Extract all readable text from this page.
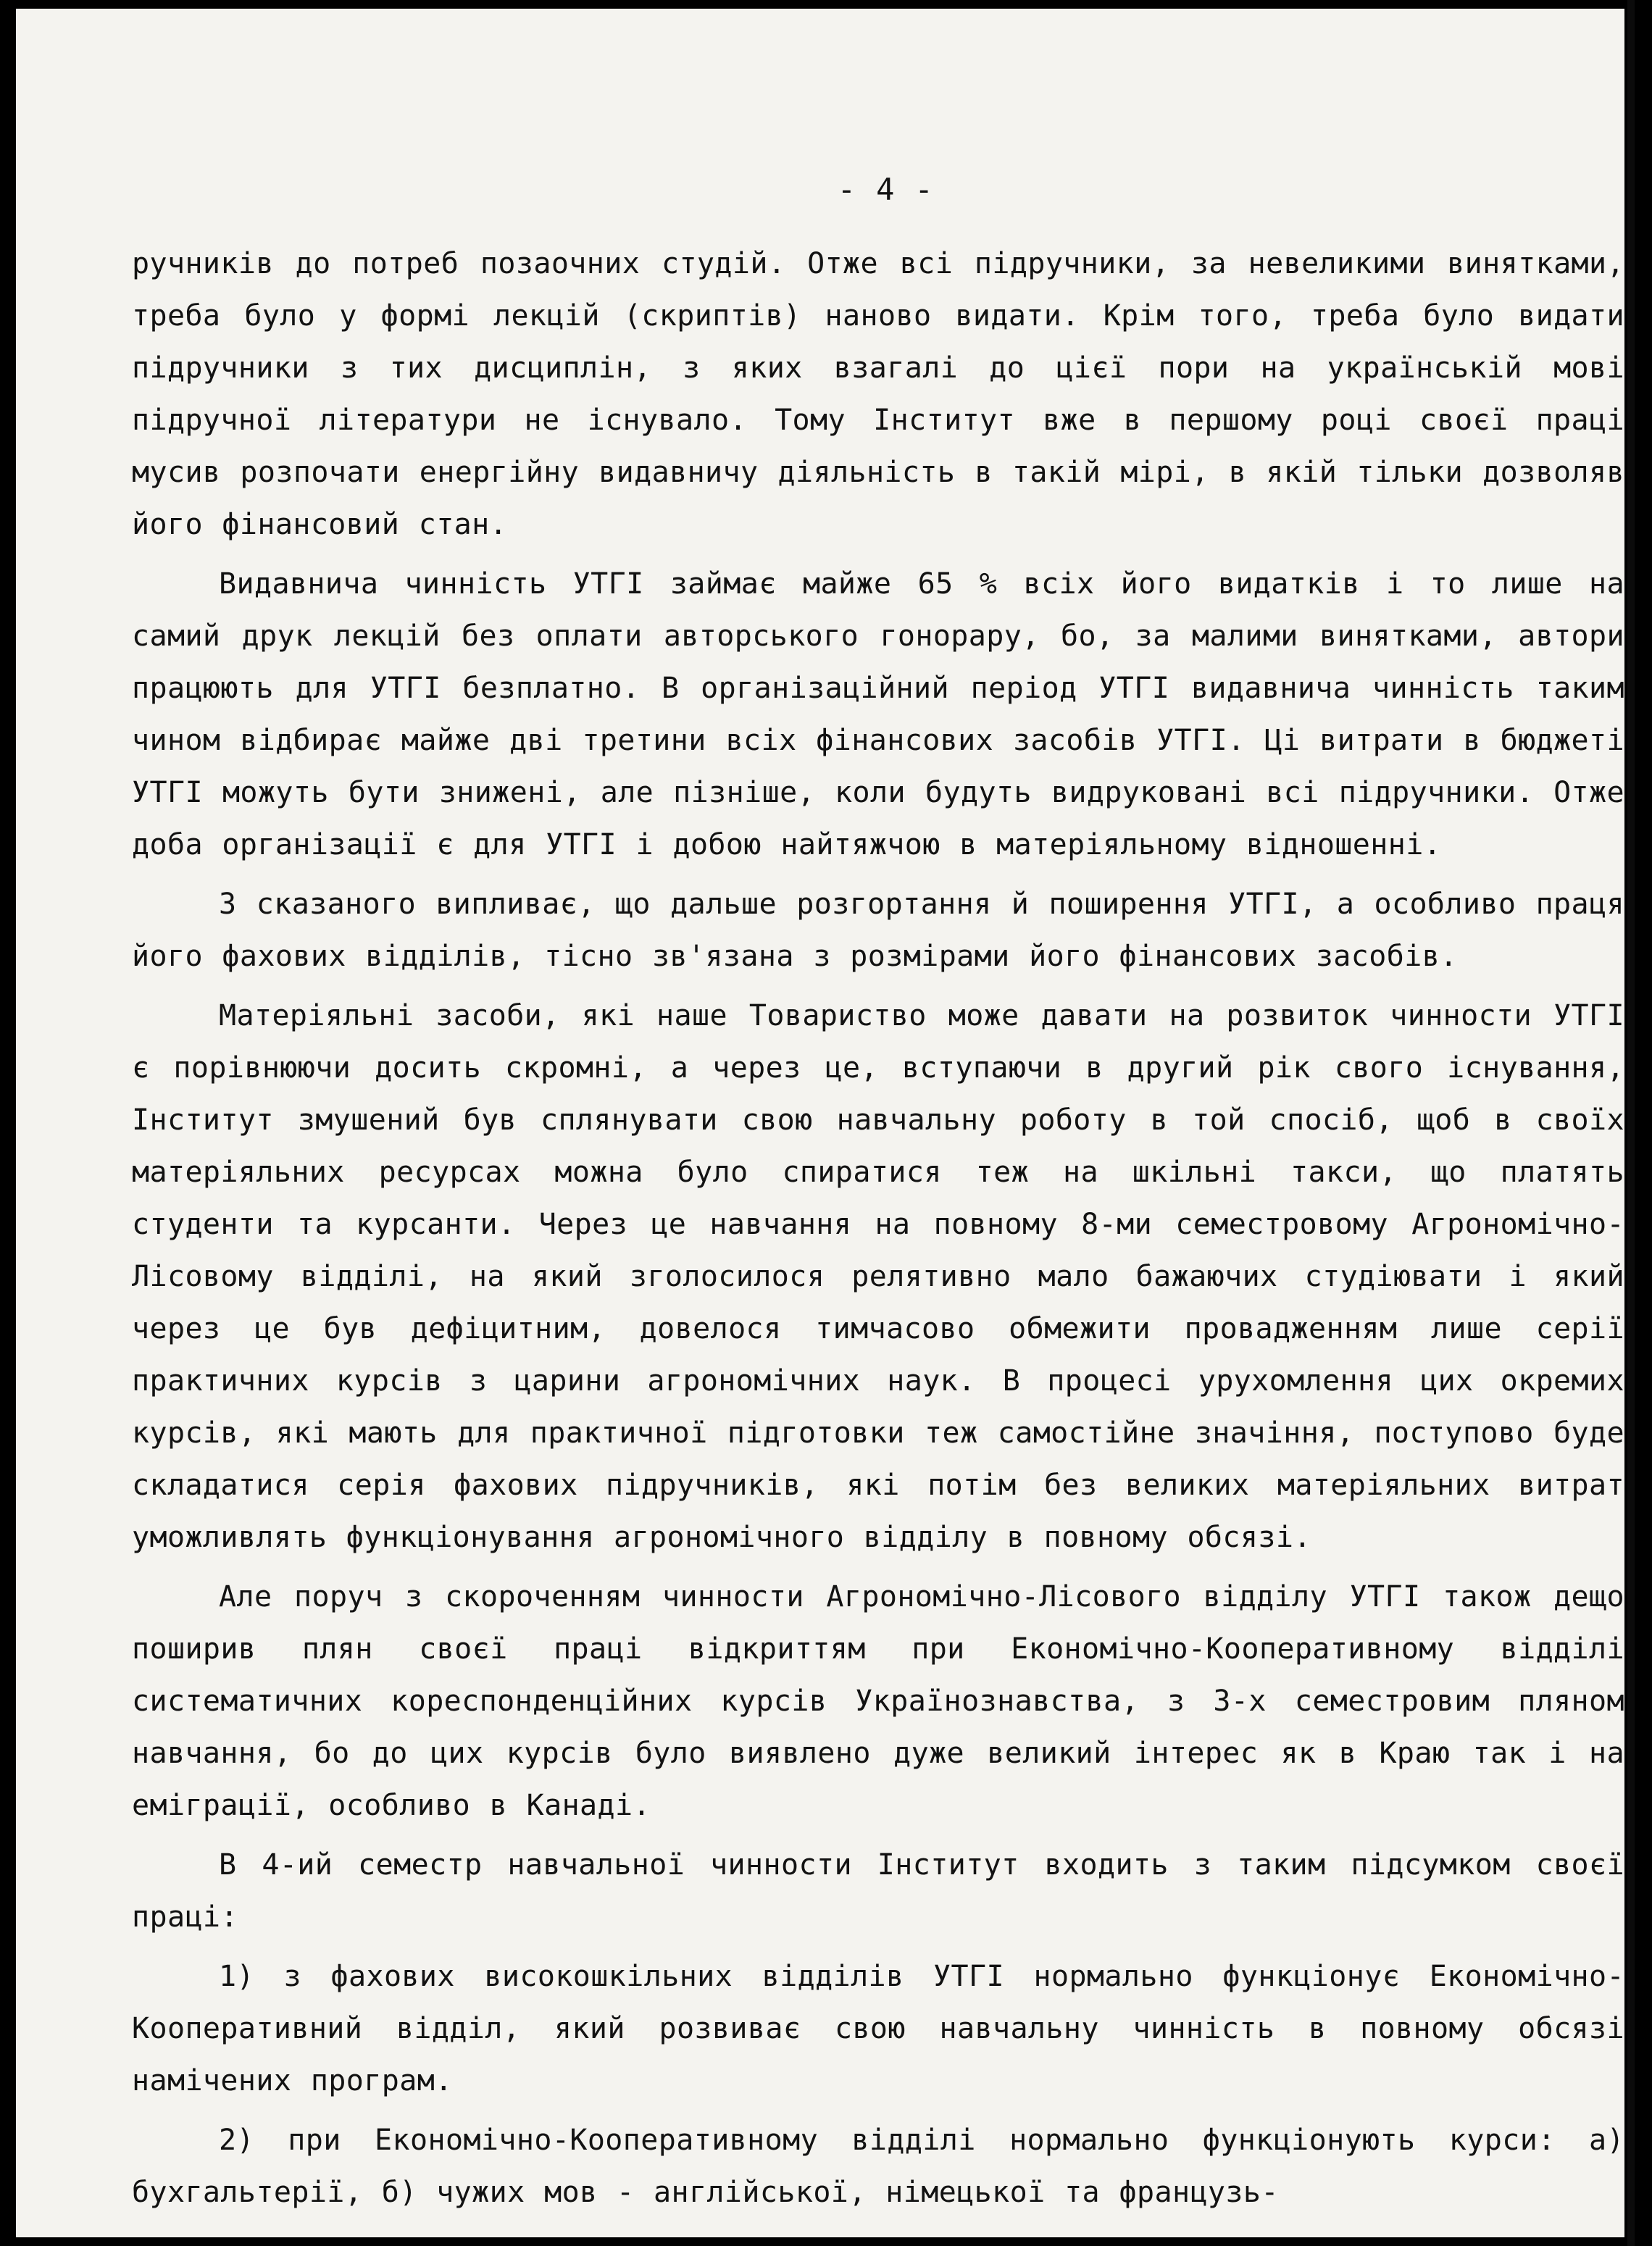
- 4 -

ручників до потреб позаочних студій. Отже всі підручники, за невеликими винятками, треба було у формі лекцій (скриптів) наново видати. Крім того, треба було видати підручники з тих дисциплін, з яких взагалі до цієї пори на українській мові підручної літератури не існувало. Тому Інститут вже в першому році своєї праці мусив розпочати енергійну видавничу діяльність в такій мірі, в якій тільки дозволяв його фінансовий стан.

Видавнича чинність УТГІ займає майже 65 % всіх його видатків і то лише на самий друк лекцій без оплати авторського гонорару, бо, за малими винятками, автори працюють для УТГІ безплатно. В організаційний період УТГІ видавнича чинність таким чином відбирає майже дві третини всіх фінансових засобів УТГІ. Ці витрати в бюджеті УТГІ можуть бути знижені, але пізніше, коли будуть видруковані всі підручники. Отже доба організації є для УТГІ і добою найтяжчою в матеріяльному відношенні.

З сказаного випливає, що дальше розгортання й поширення УТГІ, а особливо праця його фахових відділів, тісно зв'язана з розмірами його фінансових засобів.

Матеріяльні засоби, які наше Товариство може давати на розвиток чинности УТГІ є порівнюючи досить скромні, а через це, вступаючи в другий рік свого існування, Інститут змушений був сплянувати свою навчальну роботу в той спосіб, щоб в своїх матеріяльних ресурсах можна було спиратися теж на шкільні такси, що платять студенти та курсанти. Через це навчання на повному 8-ми семестровому Агрономічно-Лісовому відділі, на який зголосилося релятивно мало бажаючих студіювати і який через це був дефіцитним, довелося тимчасово обмежити провадженням лише серії практичних курсів з царини агрономічних наук. В процесі урухомлення цих окремих курсів, які мають для практичної підготовки теж самостійне значіння, поступово буде складатися серія фахових підручників, які потім без великих матеріяльних витрат уможливлять функціонування агрономічного відділу в повному обсязі.

Але поруч з скороченням чинности Агрономічно-Лісового відділу УТГІ також дещо поширив плян своєї праці відкриттям при Економічно-Кооперативному відділі систематичних кореспонденційних курсів Українознавства, з 3-х семестровим пляном навчання, бо до цих курсів було виявлено дуже великий інтерес як в Краю так і на еміграції, особливо в Канаді.

В 4-ий семестр навчальної чинности Інститут входить з таким підсумком своєї праці:

1) з фахових високошкільних відділів УТГІ нормально функціонує Економічно-Кооперативний відділ, який розвиває свою навчальну чинність в повному обсязі намічених програм.

2) при Економічно-Кооперативному відділі нормально функціонують курси: а) бухгальтерії, б) чужих мов - англійської, німецької та французь-
